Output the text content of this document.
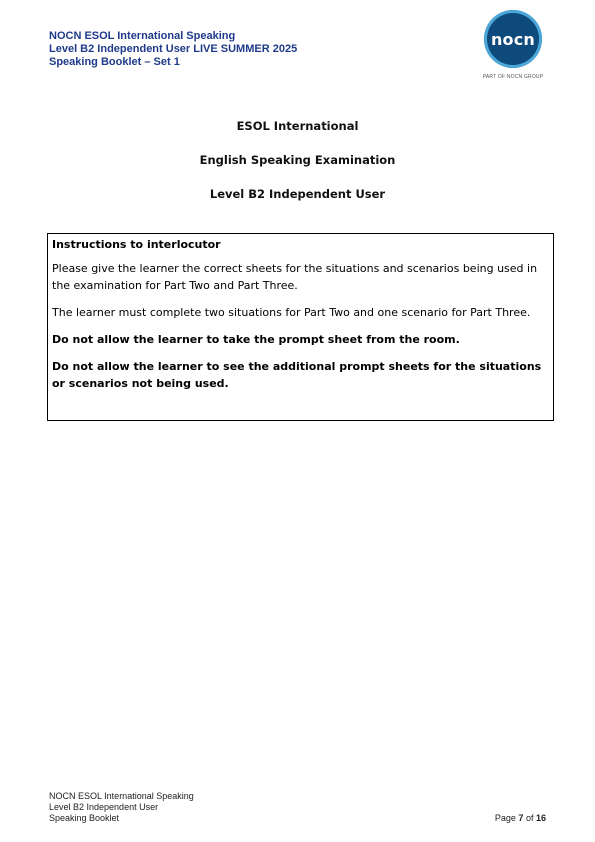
NOCN ESOL International Speaking
Level B2 Independent User LIVE SUMMER 2025
Speaking Booklet – Set 1
nocn
PART OF NOCN GROUP
ESOL International
English Speaking Examination
Level B2 Independent User

Instructions to interlocutor

Please give the learner the correct sheets for the situations and scenarios being used in the examination for Part Two and Part Three.

The learner must complete two situations for Part Two and one scenario for Part Three.

Do not allow the learner to take the prompt sheet from the room.

Do not allow the learner to see the additional prompt sheets for the situations or scenarios not being used.

NOCN ESOL International Speaking
Level B2 Independent User
Speaking Booklet	Page 7 of 16
